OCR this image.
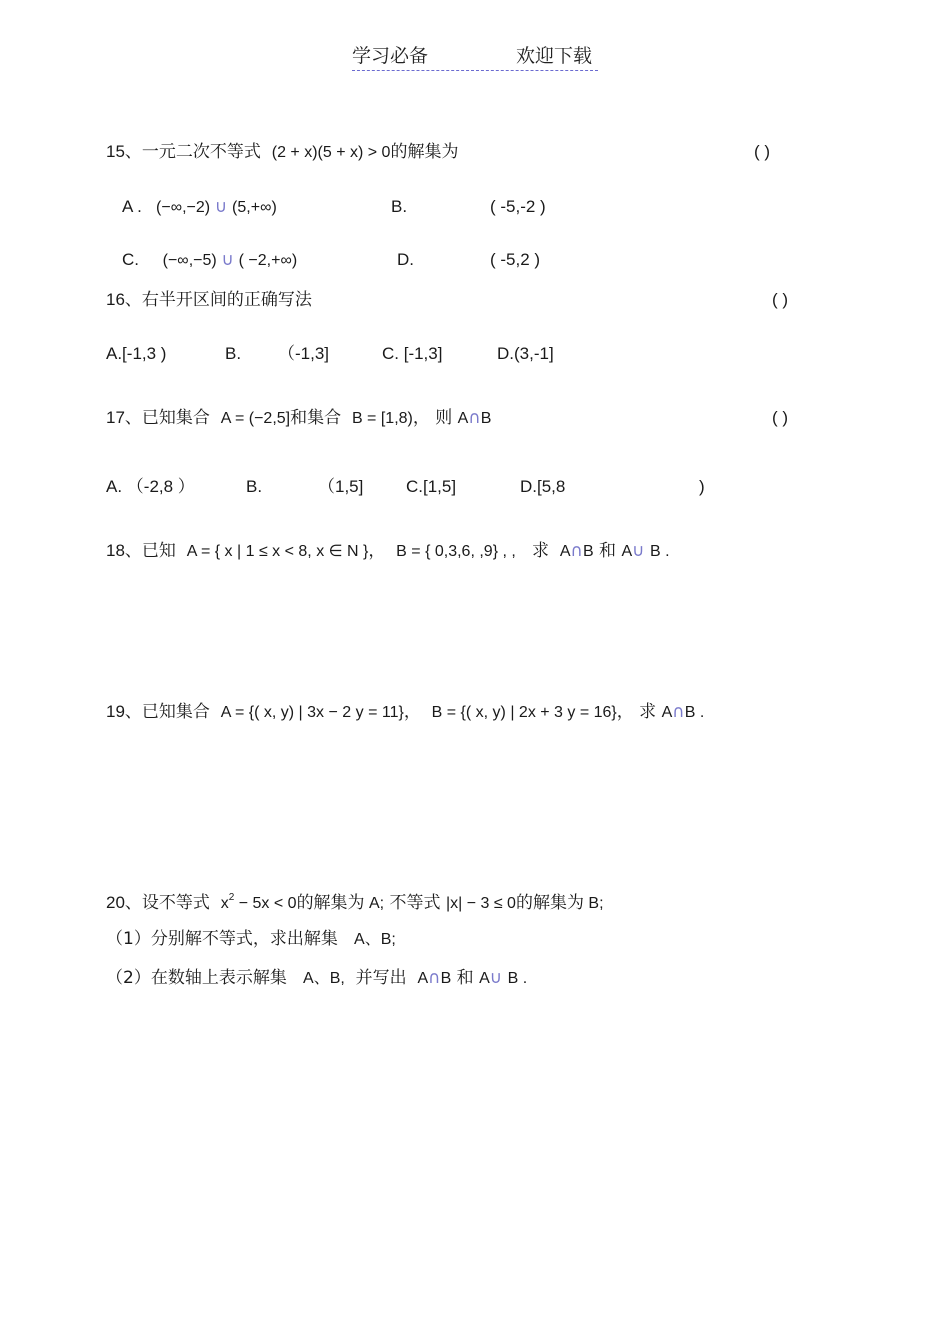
学习必备	欢迎下载
15、一元二次不等式 (2 + x)(5 + x) > 0的解集为	( )
A . (−∞,−2) ∪ (5,+∞)	B.	( -5,-2 )
C. (−∞,−5) ∪ ( −2,+∞)	D.	( -5,2 )
16、右半开区间的正确写法	( )
A.[-1,3 )	B. （-1,3]	C. [-1,3]	D.(3,-1]
17、已知集合 A = (−2,5]和集合 B = [1,8)， 则 A∩B	( )
A. （-2,8 ）	B.	（1,5]	C.[1,5]	D.[5,8	)
18、已知 A = { x | 1 ≤ x < 8, x ∈ N }， B = { 0,3,6, ,9} , , 求 A∩B 和 A∪ B .
19、已知集合 A = {( x, y) | 3x − 2 y = 11}， B = {( x, y) | 2x + 3 y = 16}， 求 A∩B .
20、设不等式 $x^2 - 5x < 0$的解集为 A; 不等式 |x| − 3 ≤ 0的解集为 B;
（1）分别解不等式，求出解集 A、B;
（2）在数轴上表示解集 A、B, 并写出 A∩B 和 A∪ B .
